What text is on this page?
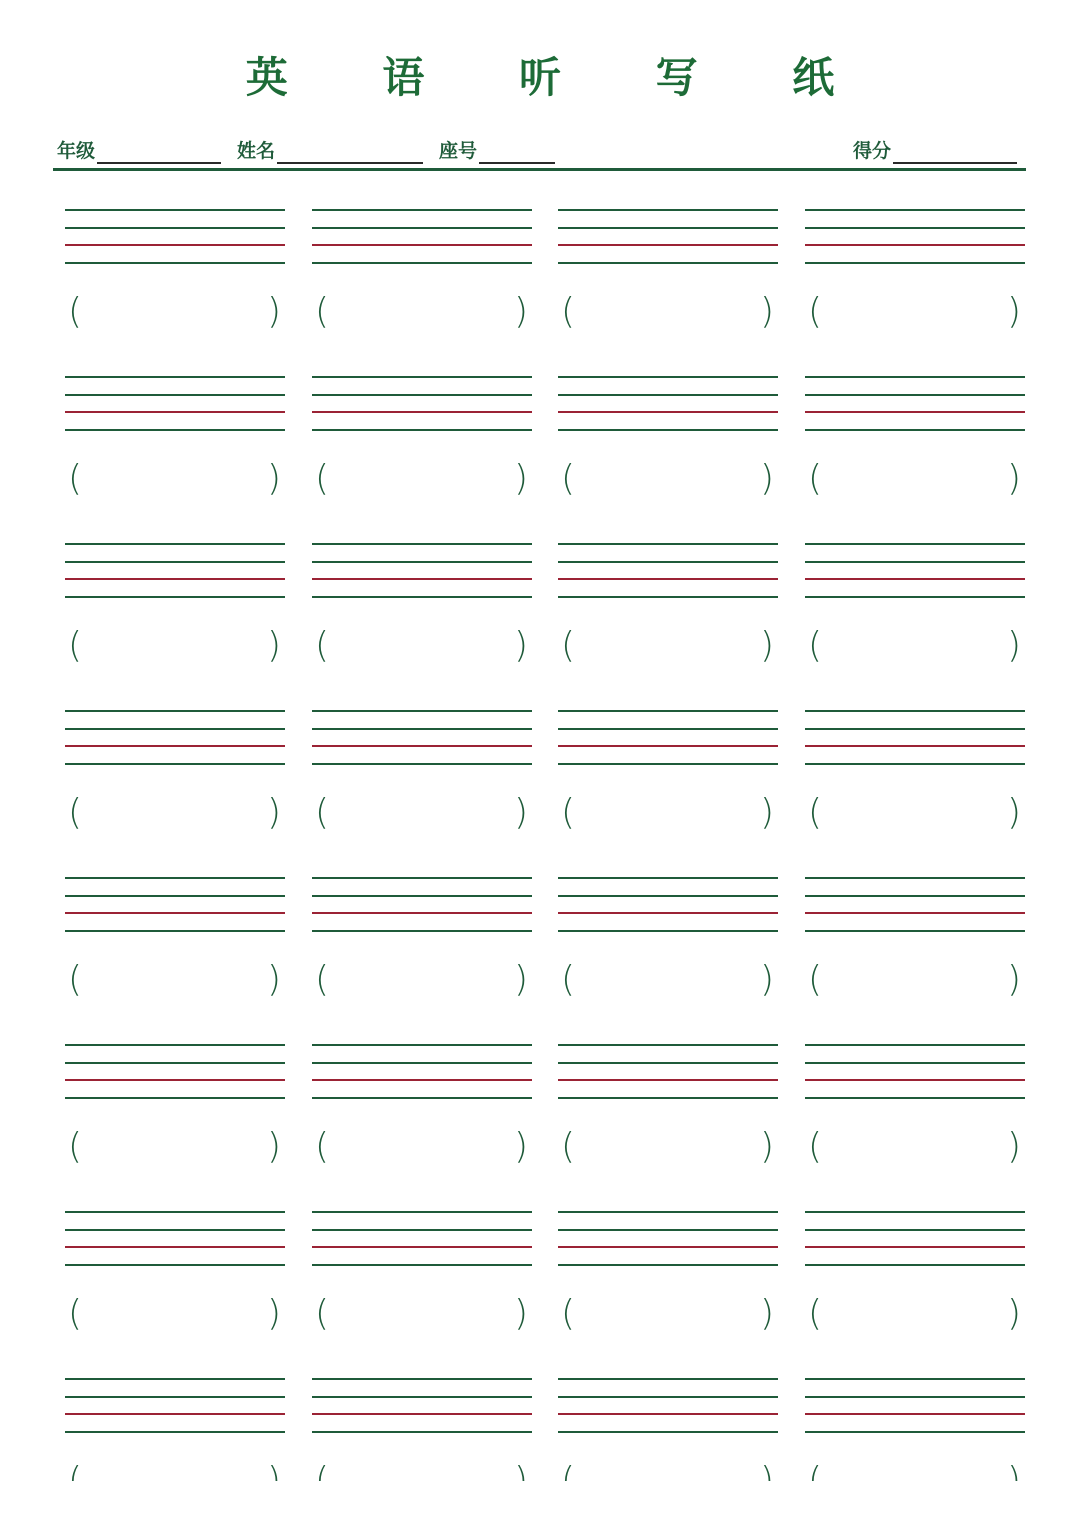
英 语 听 写 纸
年级	姓名	座号	得分
(	) (	) (	) (	)
(	) (	) (	) (	)
(	) (	) (	) (	)
(	) (	) (	) (	)
(	) (	) (	) (	)
(	) (	) (	) (	)
(	) (	) (	) (	)
